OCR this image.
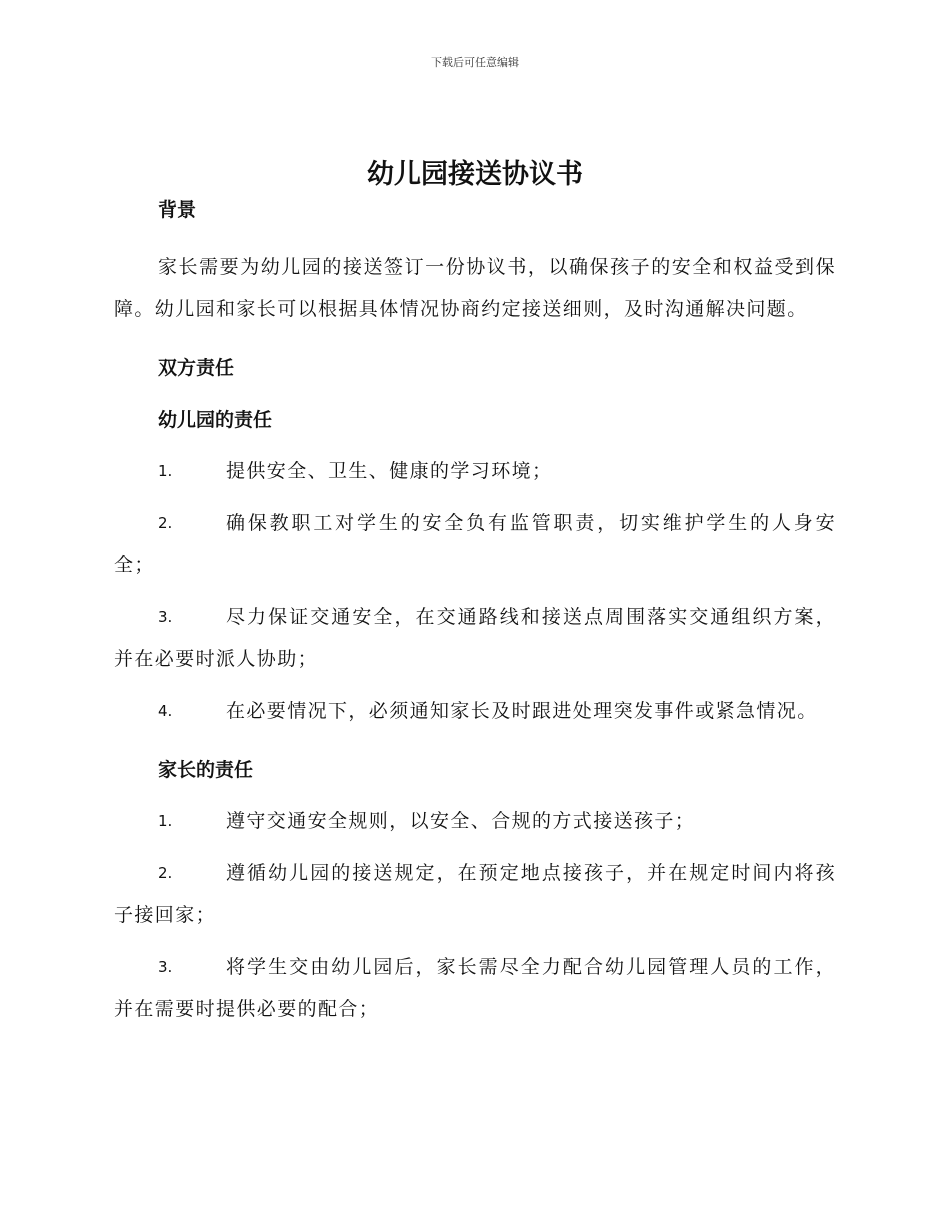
下载后可任意编辑
幼儿园接送协议书
背景

家长需要为幼儿园的接送签订一份协议书，以确保孩子的安全和权益受到保障。幼儿园和家长可以根据具体情况协商约定接送细则，及时沟通解决问题。

双方责任
幼儿园的责任

1.	提供安全、卫生、健康的学习环境；

2.	确保教职工对学生的安全负有监管职责，切实维护学生的人身安全；

3.	尽力保证交通安全，在交通路线和接送点周围落实交通组织方案，并在必要时派人协助；

4.	在必要情况下，必须通知家长及时跟进处理突发事件或紧急情况。

家长的责任

1.	遵守交通安全规则，以安全、合规的方式接送孩子；

2.	遵循幼儿园的接送规定，在预定地点接孩子，并在规定时间内将孩子接回家；

3.	将学生交由幼儿园后，家长需尽全力配合幼儿园管理人员的工作，并在需要时提供必要的配合；
